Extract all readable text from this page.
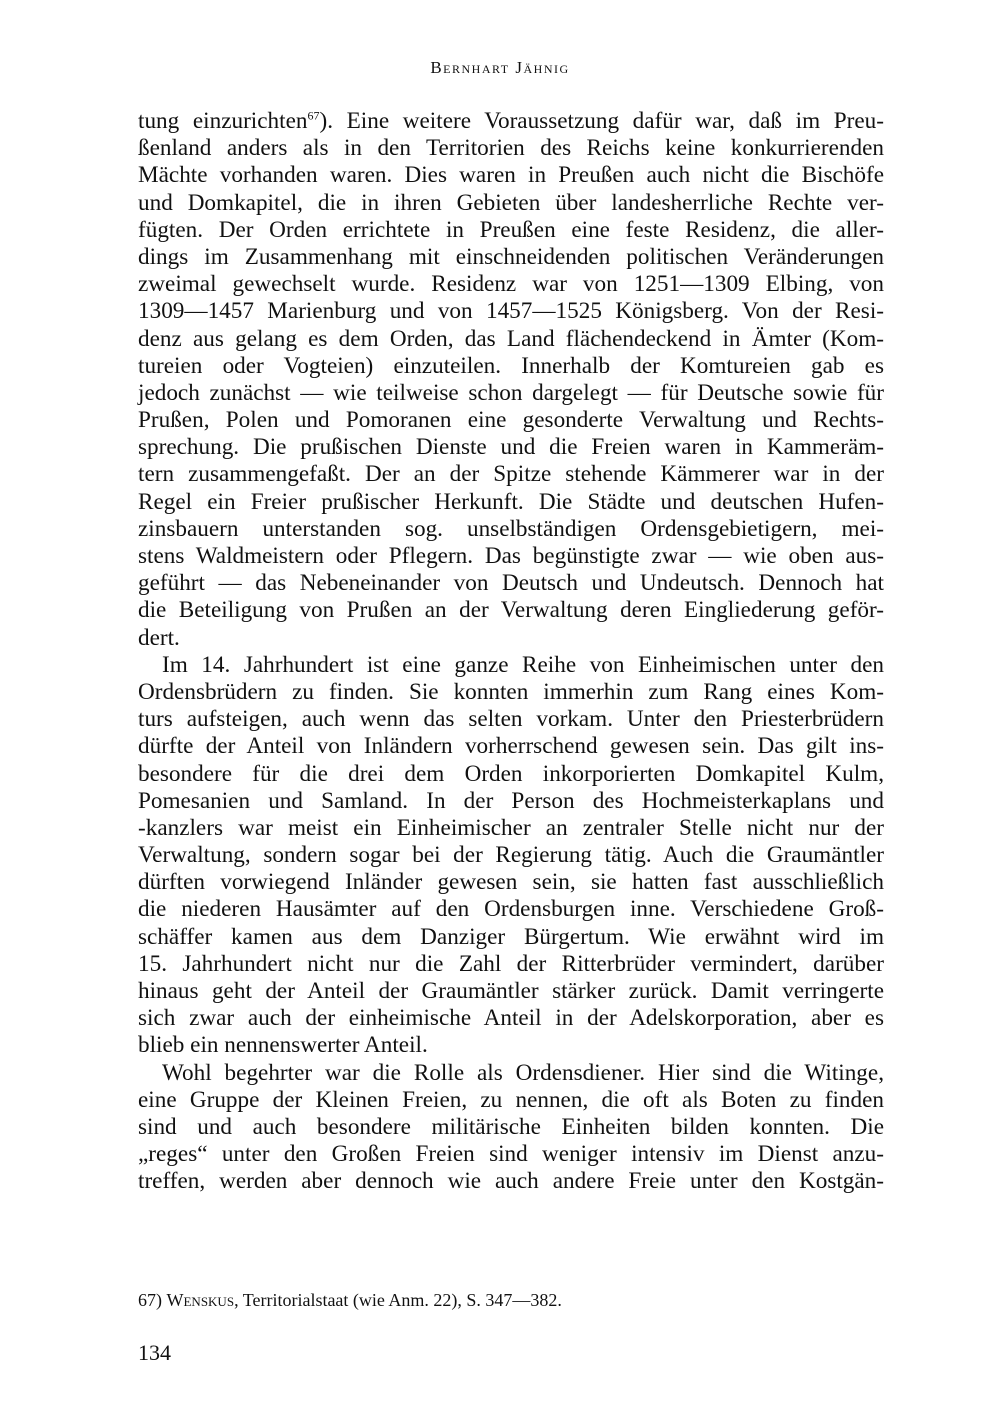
Bernhart Jähnig
tung einzurichten$^{67}$). Eine weitere Voraussetzung dafür war, daß im Preu-
ßenland anders als in den Territorien des Reichs keine konkurrierenden
Mächte vorhanden waren. Dies waren in Preußen auch nicht die Bischöfe
und Domkapitel, die in ihren Gebieten über landesherrliche Rechte ver-
fügten. Der Orden errichtete in Preußen eine feste Residenz, die aller-
dings im Zusammenhang mit einschneidenden politischen Veränderungen
zweimal gewechselt wurde. Residenz war von 1251—1309 Elbing, von
1309—1457 Marienburg und von 1457—1525 Königsberg. Von der Resi-
denz aus gelang es dem Orden, das Land flächendeckend in Ämter (Kom-
tureien oder Vogteien) einzuteilen. Innerhalb der Komtureien gab es
jedoch zunächst — wie teilweise schon dargelegt — für Deutsche sowie für
Prußen, Polen und Pomoranen eine gesonderte Verwaltung und Rechts-
sprechung. Die prußischen Dienste und die Freien waren in Kammeräm-
tern zusammengefaßt. Der an der Spitze stehende Kämmerer war in der
Regel ein Freier prußischer Herkunft. Die Städte und deutschen Hufen-
zinsbauern unterstanden sog. unselbständigen Ordensgebietigern, mei-
stens Waldmeistern oder Pflegern. Das begünstigte zwar — wie oben aus-
geführt — das Nebeneinander von Deutsch und Undeutsch. Dennoch hat
die Beteiligung von Prußen an der Verwaltung deren Eingliederung geför-
dert.
Im 14. Jahrhundert ist eine ganze Reihe von Einheimischen unter den
Ordensbrüdern zu finden. Sie konnten immerhin zum Rang eines Kom-
turs aufsteigen, auch wenn das selten vorkam. Unter den Priesterbrüdern
dürfte der Anteil von Inländern vorherrschend gewesen sein. Das gilt ins-
besondere für die drei dem Orden inkorporierten Domkapitel Kulm,
Pomesanien und Samland. In der Person des Hochmeisterkaplans und
-kanzlers war meist ein Einheimischer an zentraler Stelle nicht nur der
Verwaltung, sondern sogar bei der Regierung tätig. Auch die Graumäntler
dürften vorwiegend Inländer gewesen sein, sie hatten fast ausschließlich
die niederen Hausämter auf den Ordensburgen inne. Verschiedene Groß-
schäffer kamen aus dem Danziger Bürgertum. Wie erwähnt wird im
15. Jahrhundert nicht nur die Zahl der Ritterbrüder vermindert, darüber
hinaus geht der Anteil der Graumäntler stärker zurück. Damit verringerte
sich zwar auch der einheimische Anteil in der Adelskorporation, aber es
blieb ein nennenswerter Anteil.
Wohl begehrter war die Rolle als Ordensdiener. Hier sind die Witinge,
eine Gruppe der Kleinen Freien, zu nennen, die oft als Boten zu finden
sind und auch besondere militärische Einheiten bilden konnten. Die
„reges“ unter den Großen Freien sind weniger intensiv im Dienst anzu-
treffen, werden aber dennoch wie auch andere Freie unter den Kostgän-
67) Wenskus, Territorialstaat (wie Anm. 22), S. 347—382.
134
